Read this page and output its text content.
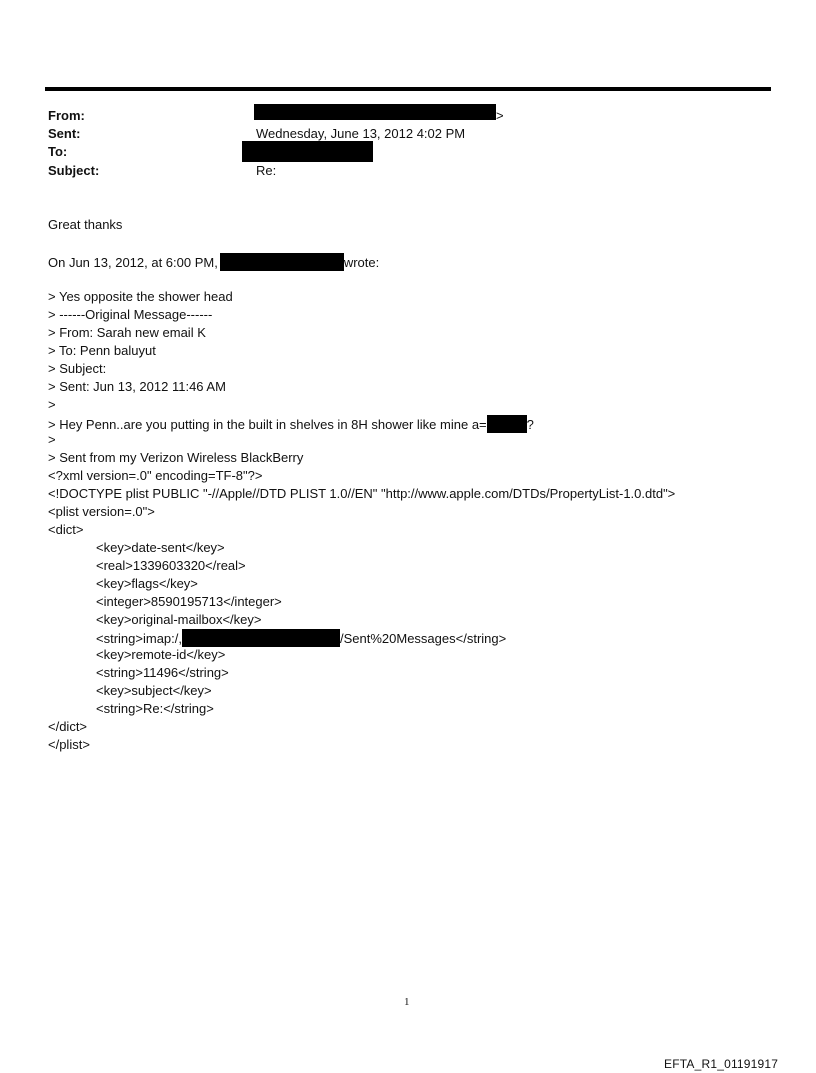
From:	>
Sent:	Wednesday, June 13, 2012 4:02 PM
To:
Subject:	Re:
Great thanks
On Jun 13, 2012, at 6:00 PM,	wrote:
> Yes opposite the shower head
> ------Original Message------
> From: Sarah new email K
> To: Penn baluyut
> Subject:
> Sent: Jun 13, 2012 11:46 AM
>
> Hey Penn..are you putting in the built in shelves in 8H shower like mine a=	?
>
> Sent from my Verizon Wireless BlackBerry
<?xml version=.0" encoding=TF-8"?>
<!DOCTYPE plist PUBLIC "-//Apple//DTD PLIST 1.0//EN" "http://www.apple.com/DTDs/PropertyList-1.0.dtd">
<plist version=.0">
<dict>
<key>date-sent</key>
<real>1339603320</real>
<key>flags</key>
<integer>8590195713</integer>
<key>original-mailbox</key>
<string>imap:/,	/Sent%20Messages</string>
<key>remote-id</key>
<string>11496</string>
<key>subject</key>
<string>Re:</string>
</dict>
</plist>
1
EFTA_R1_01191917
